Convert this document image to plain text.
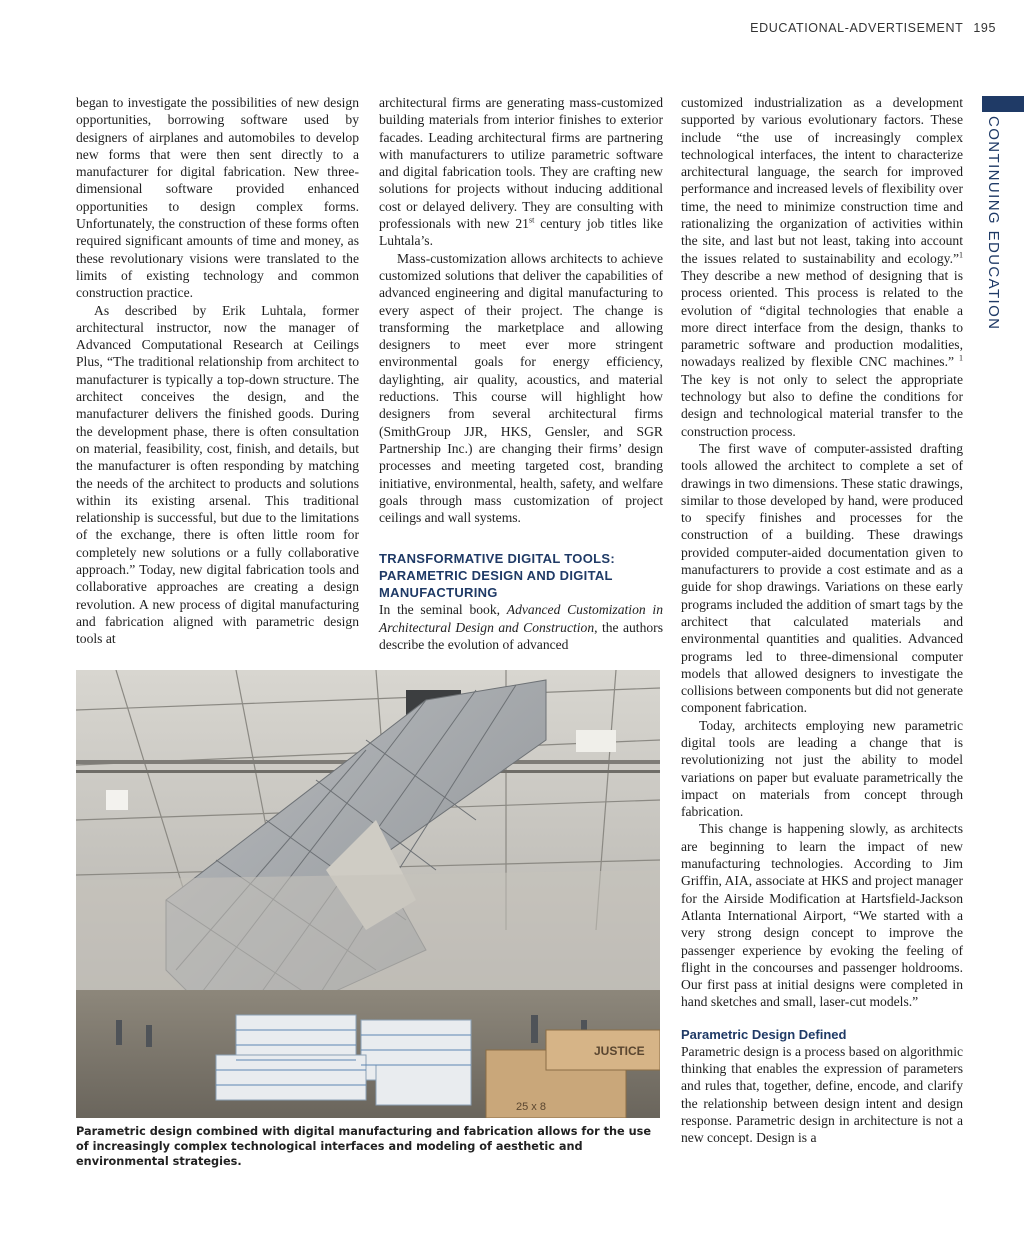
EDUCATIONAL-ADVERTISEMENT 195
CONTINUING EDUCATION

began to investigate the possibilities of new design opportunities, borrowing software used by designers of airplanes and automobiles to develop new forms that were then sent directly to a manufacturer for digital fabrication. New three-dimensional software provided enhanced opportunities to design complex forms. Unfortunately, the construction of these forms often required significant amounts of time and money, as these revolutionary visions were translated to the limits of existing technology and common construction practice.

As described by Erik Luhtala, former architectural instructor, now the manager of Advanced Computational Research at Ceilings Plus, “The traditional relationship from architect to manufacturer is typically a top-down structure. The architect conceives the design, and the manufacturer delivers the finished goods. During the development phase, there is often consultation on material, feasibility, cost, finish, and details, but the manufacturer is often responding by matching the needs of the architect to products and solutions within its existing arsenal. This traditional relationship is successful, but due to the limitations of the exchange, there is often little room for completely new solutions or a fully collaborative approach.” Today, new digital fabrication tools and collaborative approaches are creating a design revolution. A new process of digital manufacturing and fabrication aligned with parametric design tools at

architectural firms are generating mass-customized building materials from interior finishes to exterior facades. Leading architectural firms are partnering with manufacturers to utilize parametric software and digital fabrication tools. They are crafting new solutions for projects without inducing additional cost or delayed delivery. They are consulting with professionals with new 21st century job titles like Luhtala’s.

Mass-customization allows architects to achieve customized solutions that deliver the capabilities of advanced engineering and digital manufacturing to every aspect of their project. The change is transforming the marketplace and allowing designers to meet ever more stringent environmental goals for energy efficiency, daylighting, air quality, acoustics, and material reductions. This course will highlight how designers from several architectural firms (SmithGroup JJR, HKS, Gensler, and SGR Partnership Inc.) are changing their firms’ design processes and meeting targeted cost, branding initiative, environmental, health, safety, and welfare goals through mass customization of project ceilings and wall systems.

TRANSFORMATIVE DIGITAL TOOLS: PARAMETRIC DESIGN AND DIGITAL MANUFACTURING

In the seminal book, Advanced Customization in Architectural Design and Construction, the authors describe the evolution of advanced

customized industrialization as a development supported by various evolutionary factors. These include “the use of increasingly complex technological interfaces, the intent to characterize architectural language, the search for improved performance and increased levels of flexibility over time, the need to minimize construction time and rationalizing the organization of activities within the site, and last but not least, taking into account the issues related to sustainability and ecology.”$^1$ They describe a new method of designing that is process oriented. This process is related to the evolution of “digital technologies that enable a more direct interface from the design, thanks to parametric software and production modalities, nowadays realized by flexible CNC machines.” $^1$ The key is not only to select the appropriate technology but also to define the conditions for design and technological material transfer to the construction process.

The first wave of computer-assisted drafting tools allowed the architect to complete a set of drawings in two dimensions. These static drawings, similar to those developed by hand, were produced to specify finishes and processes for the construction of a building. These drawings provided computer-aided documentation given to manufacturers to provide a cost estimate and as a guide for shop drawings. Variations on these early programs included the addition of smart tags by the architect that calculated materials and environmental quantities and qualities. Advanced programs led to three-dimensional computer models that allowed designers to investigate the collisions between components but did not generate component fabrication.

Today, architects employing new parametric digital tools are leading a change that is revolutionizing not just the ability to model variations on paper but evaluate parametrically the impact on materials from concept through fabrication.

This change is happening slowly, as architects are beginning to learn the impact of new manufacturing technologies. According to Jim Griffin, AIA, associate at HKS and project manager for the Airside Modification at Hartsfield-Jackson Atlanta International Airport, “We started with a very strong design concept to improve the passenger experience by evoking the feeling of flight in the concourses and passenger holdrooms. Our first pass at initial designs were completed in hand sketches and small, laser-cut models.”

Parametric Design Defined

Parametric design is a process based on algorithmic thinking that enables the expression of parameters and rules that, together, define, encode, and clarify the relationship between design intent and design response. Parametric design in architecture is not a new concept. Design is a

JUSTICE
25 x 8
Parametric design combined with digital manufacturing and fabrication allows for the use of increasingly complex technological interfaces and modeling of aesthetic and environmental strategies.
